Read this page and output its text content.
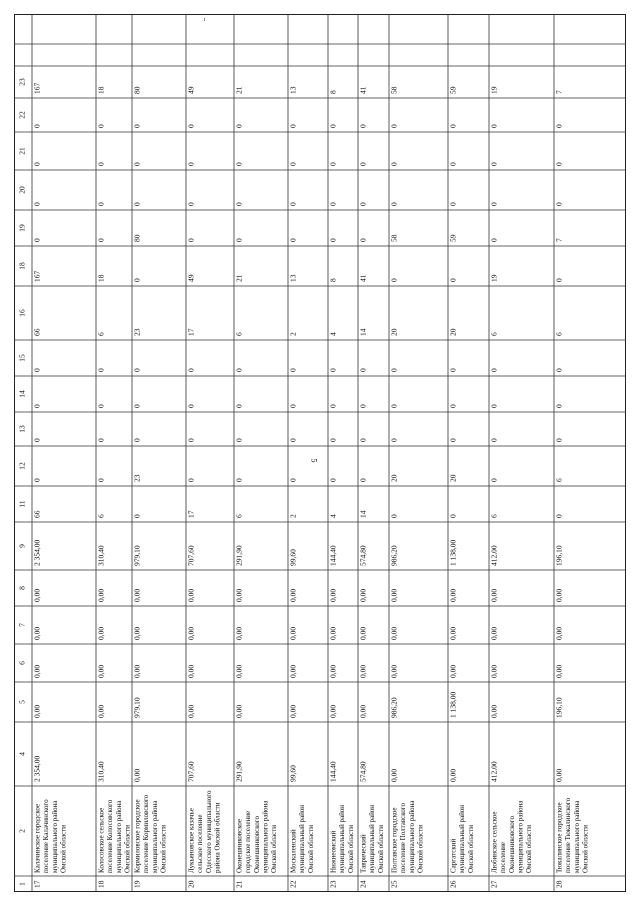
5
1
2
4
5
6
7
8
9
11
12
13
14
15
16
18
19
20
21
22
23
17
2 354,00
0,00
0,00
0,00
0,00
2 354,00
66
0
0
0
0
66
167
0
0
0
0
167
Калачинское городское поселение Калачинского муниципального района Омской области
18
310,40
0,00
0,00
0,00
0,00
310,40
6
0
0
0
0
6
18
0
0
0
0
18
Колосовское сельское поселение Колосовского муниципального района Омской области
19
0,00
979,10
0,00
0,00
0,00
979,10
0
23
0
0
0
23
0
80
0
0
0
80
Кормиловское городское поселение Кормиловского муниципального района Омской области
20
707,60
0,00
0,00
0,00
0,00
707,60
17
0
0
0
0
17
49
0
0
0
0
49
Лукьяновское казачье сельское поселение Одесского муниципального района Омской области
21
291,90
0,00
0,00
0,00
0,00
291,90
6
0
0
0
0
6
21
0
0
0
0
21
Оконешниковское городское поселение Оконешниковского муниципального района Омской области
22
99,60
0,00
0,00
0,00
0,00
99,60
2
0
0
0
0
2
13
0
0
0
0
13
Москаленский муниципальный район Омской области
23
144,40
0,00
0,00
0,00
0,00
144,40
4
0
0
0
0
4
8
0
0
0
0
8
Нижнеомский муниципальный район Омской области
24
574,80
0,00
0,00
0,00
0,00
574,80
14
0
0
0
0
14
41
0
0
0
0
41
Таврический муниципальный район Омской области
25
0,00
986,20
0,00
0,00
0,00
986,20
0
20
0
0
0
20
0
58
0
0
0
58
Полтавское городское поселение Полтавского муниципального района Омской области
26
0,00
1 138,00
0,00
0,00
0,00
1 138,00
0
20
0
0
0
20
0
59
0
0
0
59
Саргатский муниципальный район Омской области
27
412,00
0,00
0,00
0,00
0,00
412,00
6
0
0
0
0
6
19
0
0
0
0
19
Любинское сельское поселение Оконешниковского муниципального района Омской области
28
0,00
196,10
0,00
0,00
0,00
196,10
0
6
0
0
0
6
0
7
0
0
0
7
Тюкалинское городское поселение Тюкалинского муниципального района Омской области
